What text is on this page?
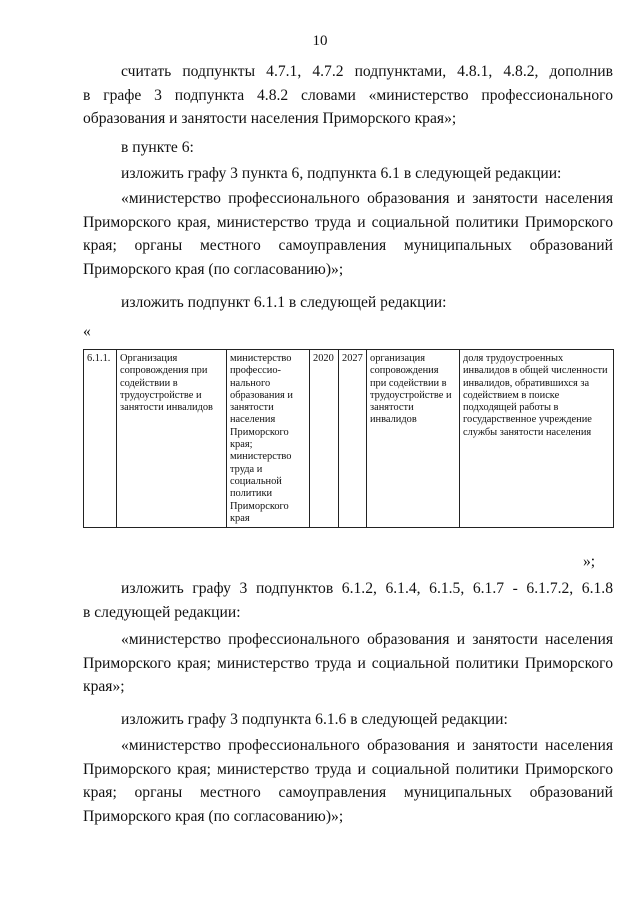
10
считать подпункты 4.7.1, 4.7.2 подпунктами, 4.8.1, 4.8.2, дополнив
в графе 3 подпункта 4.8.2 словами «министерство профессионального
образования и занятости населения Приморского края»;
в пункте 6:
изложить графу 3 пункта 6, подпункта 6.1 в следующей редакции:
«министерство профессионального образования и занятости населения
Приморского края, министерство труда и социальной политики Приморского
края; органы местного самоуправления муниципальных образований
Приморского края (по согласованию)»;
изложить подпункт 6.1.1 в следующей редакции:
«
6.1.1.	Организация сопровождения при содействии в трудоустройстве и занятости инвалидов	министерство профессио-нального образования и занятости населения Приморского края; министерство труда и социальной политики Приморского края	2020	2027	организация сопровождения при содействии в трудоустройстве и занятости инвалидов	доля трудоустроенных инвалидов в общей численности инвалидов, обратившихся за содействием в поиске подходящей работы в государственное учреждение службы занятости населения
»;
изложить графу 3 подпунктов 6.1.2, 6.1.4, 6.1.5, 6.1.7 - 6.1.7.2, 6.1.8
в следующей редакции:
«министерство профессионального образования и занятости населения
Приморского края; министерство труда и социальной политики Приморского
края»;
изложить графу 3 подпункта 6.1.6 в следующей редакции:
«министерство профессионального образования и занятости населения
Приморского края; министерство труда и социальной политики Приморского
края; органы местного самоуправления муниципальных образований
Приморского края (по согласованию)»;
